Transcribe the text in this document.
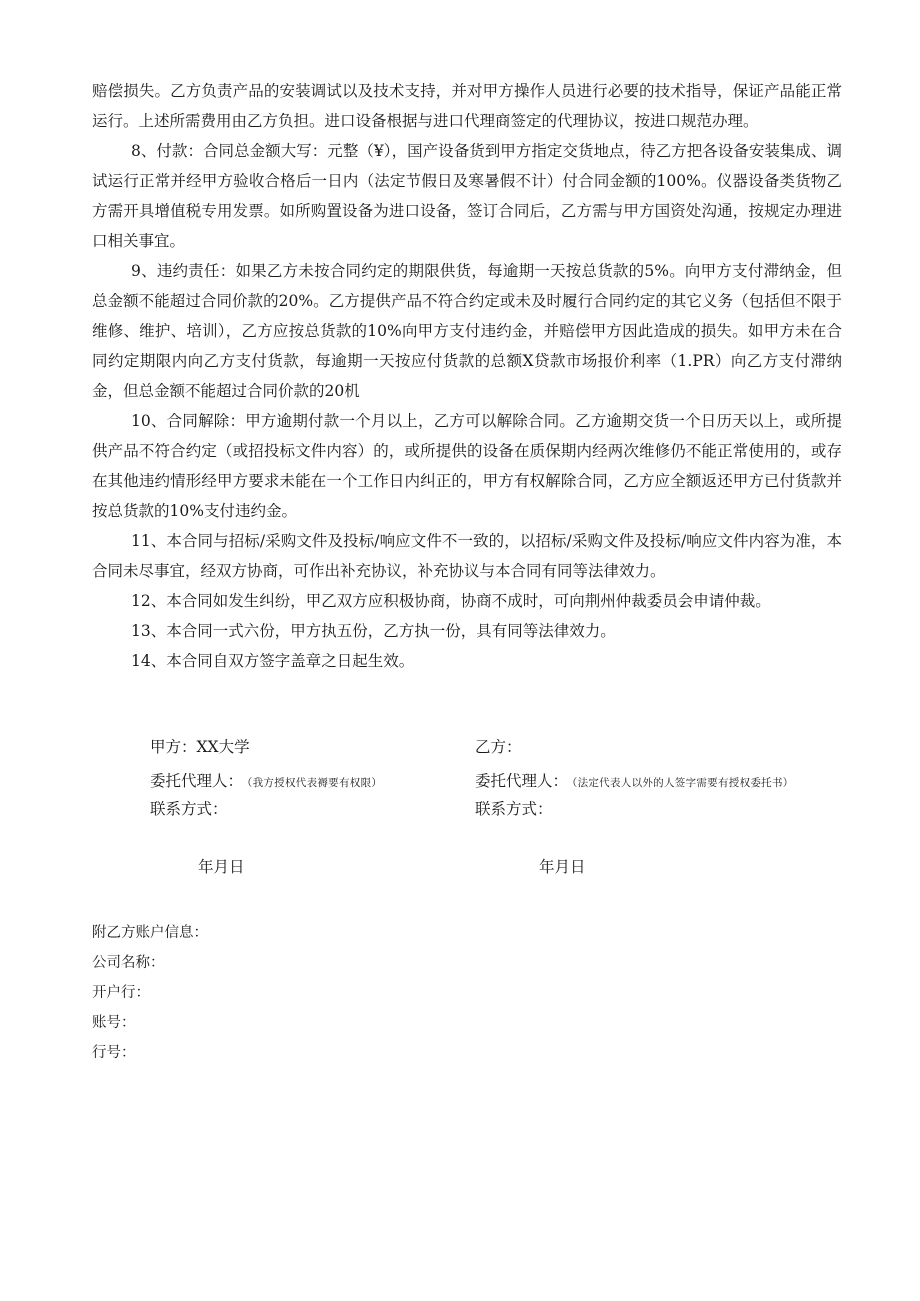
赔偿损失。乙方负责产品的安装调试以及技术支持，并对甲方操作人员进行必要的技术指导，保证产品能正常运行。上述所需费用由乙方负担。进口设备根据与进口代理商签定的代理协议，按进口规范办理。

8、付款：合同总金额大写：元整（¥），国产设备货到甲方指定交货地点，待乙方把各设备安装集成、调试运行正常并经甲方验收合格后一日内（法定节假日及寒暑假不计）付合同金额的100%。仪器设备类货物乙方需开具增值税专用发票。如所购置设备为进口设备，签订合同后，乙方需与甲方国资处沟通，按规定办理进口相关事宜。

9、违约责任：如果乙方未按合同约定的期限供货，每逾期一天按总货款的5%。向甲方支付滞纳金，但总金额不能超过合同价款的20%。乙方提供产品不符合约定或未及时履行合同约定的其它义务（包括但不限于维修、维护、培训），乙方应按总货款的10%向甲方支付违约金，并赔偿甲方因此造成的损失。如甲方未在合同约定期限内向乙方支付货款，每逾期一天按应付货款的总额X贷款市场报价利率（1.PR）向乙方支付滞纳金，但总金额不能超过合同价款的20机

10、合同解除：甲方逾期付款一个月以上，乙方可以解除合同。乙方逾期交货一个日历天以上，或所提供产品不符合约定（或招投标文件内容）的，或所提供的设备在质保期内经两次维修仍不能正常使用的，或存在其他违约情形经甲方要求未能在一个工作日内纠正的，甲方有权解除合同，乙方应全额返还甲方已付货款并按总货款的10%支付违约金。

11、本合同与招标/采购文件及投标/响应文件不一致的，以招标/采购文件及投标/响应文件内容为准，本合同未尽事宜，经双方协商，可作出补充协议，补充协议与本合同有同等法律效力。

12、本合同如发生纠纷，甲乙双方应积极协商，协商不成时，可向荆州仲裁委员会申请仲裁。

13、本合同一式六份，甲方执五份，乙方执一份，具有同等法律效力。

14、本合同自双方签字盖章之日起生效。

甲方：XX大学
委托代理人： （我方授权代表褥要有权限）
联系方式：
乙方：
委托代理人： （法定代表人以外的人签字需要有授权委托书）
联系方式：
年月日	年月日

附乙方账户信息：

公司名称：

开户行：

账号：

行号：
